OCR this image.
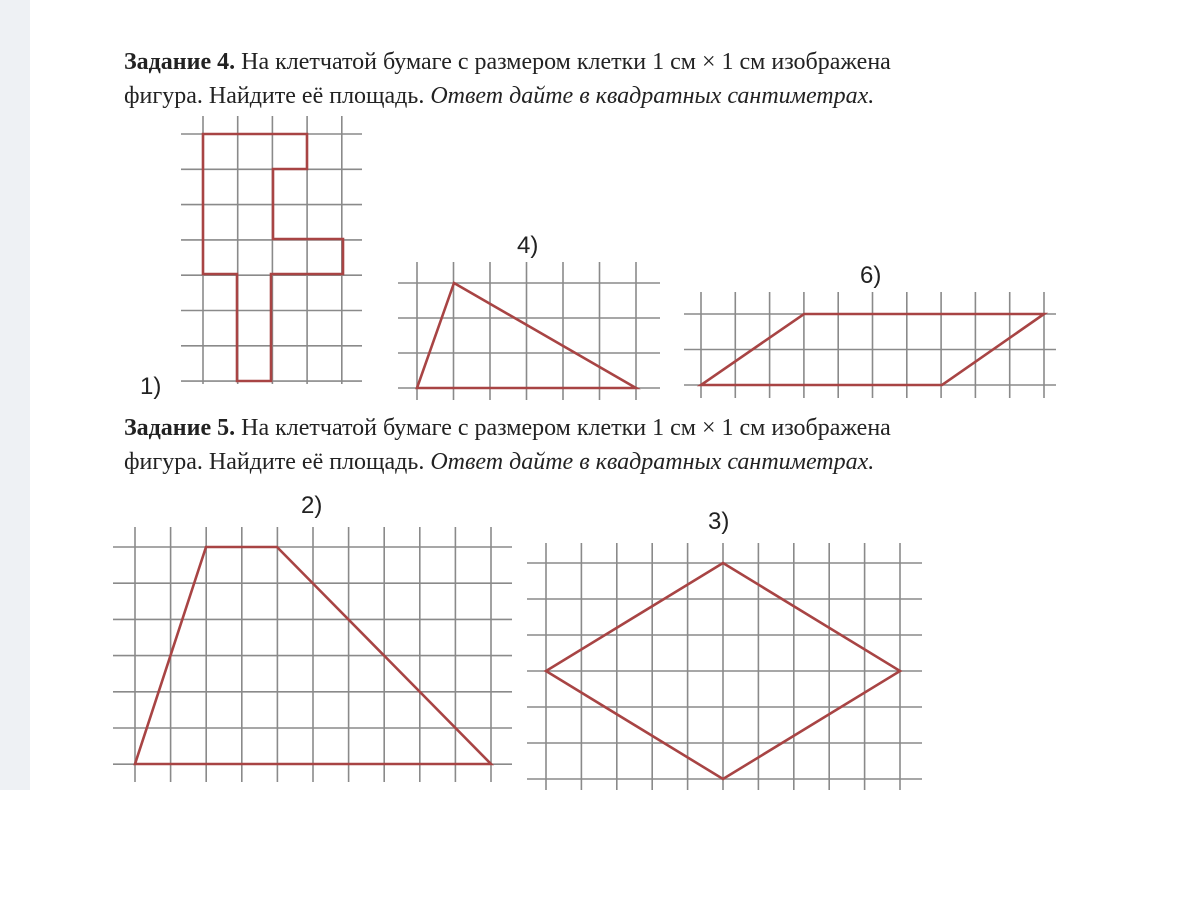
Задание 4. На клетчатой бумаге с размером клетки 1 см × 1 см изображена
фигура. Найдите её площадь. Ответ дайте в квадратных сантиметрах.
Задание 5. На клетчатой бумаге с размером клетки 1 см × 1 см изображена
фигура. Найдите её площадь. Ответ дайте в квадратных сантиметрах.
1)
4)
6)
2)
3)
